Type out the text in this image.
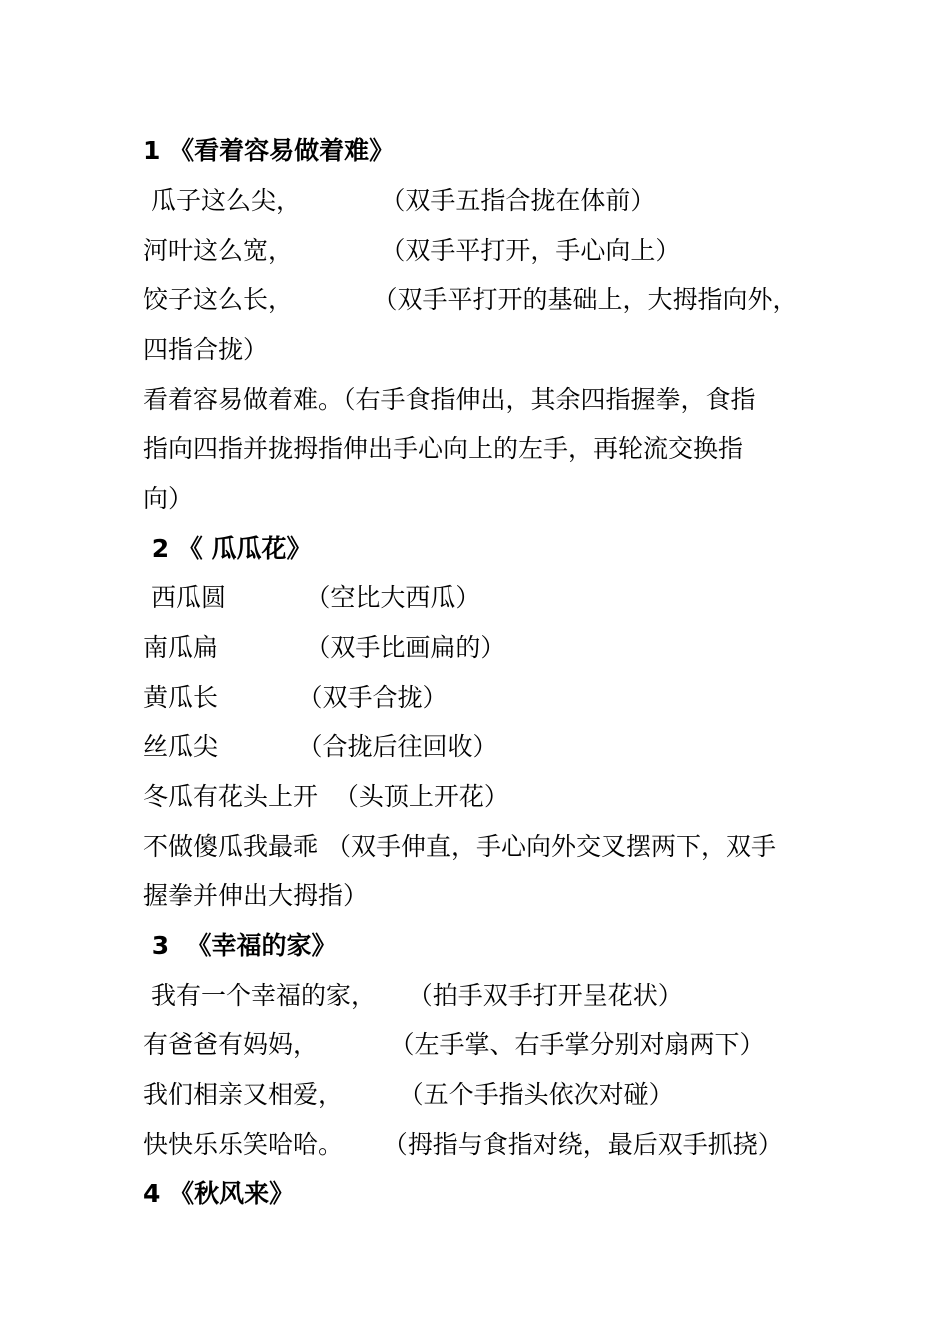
1 《看着容易做着难》
瓜子这么尖，          （双手五指合拢在体前）
河叶这么宽，           （双手平打开，手心向上）
饺子这么长，          （双手平打开的基础上，大拇指向外，
四指合拢）
看着容易做着难。（右手食指伸出，其余四指握拳，食指
指向四指并拢拇指伸出手心向上的左手，再轮流交换指
向）
2 《 瓜瓜花》
西瓜圆          （空比大西瓜）
南瓜扁           （双手比画扁的）
黄瓜长          （双手合拢）
丝瓜尖          （合拢后往回收）
冬瓜有花头上开  （头顶上开花）
不做傻瓜我最乖 （双手伸直，手心向外交叉摆两下，双手
握拳并伸出大拇指）
3  《幸福的家》
我有一个幸福的家，    （拍手双手打开呈花状）
有爸爸有妈妈，         （左手掌、右手掌分别对扇两下）
我们相亲又相爱，       （五个手指头依次对碰）
快快乐乐笑哈哈。     （拇指与食指对绕，最后双手抓挠）
4 《秋风来》
